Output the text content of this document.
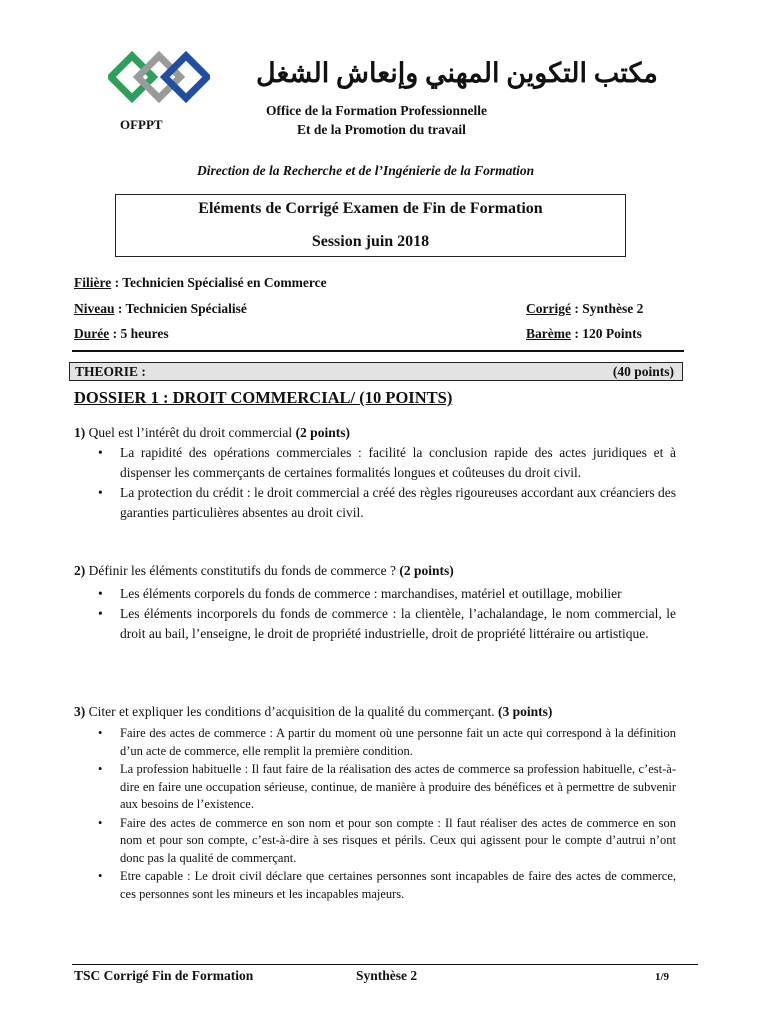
OFPPT
مكتب التكوين المهني وإنعاش الشغل
Office de la Formation Professionnelle
Et de la Promotion du travail
Direction de la Recherche et de l’Ingénierie de la Formation
Eléments de Corrigé Examen de Fin de Formation
Session juin 2018
Filière : Technicien Spécialisé en Commerce
Niveau : Technicien Spécialisé	Corrigé : Synthèse 2
Durée : 5 heures	Barème : 120 Points
THEORIE :	(40 points)
DOSSIER 1 : DROIT COMMERCIAL/ (10 POINTS)
1) Quel est l’intérêt du droit commercial (2 points)
• La rapidité des opérations commerciales : facilité la conclusion rapide des actes juridiques et à dispenser les commerçants de certaines formalités longues et coûteuses du droit civil.
• La protection du crédit : le droit commercial a créé des règles rigoureuses accordant aux créanciers des garanties particulières absentes au droit civil.
2) Définir les éléments constitutifs du fonds de commerce ? (2 points)
• Les éléments corporels du fonds de commerce : marchandises, matériel et outillage, mobilier
• Les éléments incorporels du fonds de commerce : la clientèle, l’achalandage, le nom commercial, le droit au bail, l’enseigne, le droit de propriété industrielle, droit de propriété littéraire ou artistique.
3) Citer et expliquer les conditions d’acquisition de la qualité du commerçant. (3 points)
• Faire des actes de commerce : A partir du moment où une personne fait un acte qui correspond à la définition d’un acte de commerce, elle remplit la première condition.
• La profession habituelle : Il faut faire de la réalisation des actes de commerce sa profession habituelle, c’est-à-dire en faire une occupation sérieuse, continue, de manière à produire des bénéfices et à permettre de subvenir aux besoins de l’existence.
• Faire des actes de commerce en son nom et pour son compte : Il faut réaliser des actes de commerce en son nom et pour son compte, c’est-à-dire à ses risques et périls. Ceux qui agissent pour le compte d’autrui n’ont donc pas la qualité de commerçant.
• Etre capable : Le droit civil déclare que certaines personnes sont incapables de faire des actes de commerce, ces personnes sont les mineurs et les incapables majeurs.
TSC Corrigé Fin de Formation	Synthèse 2	1/9
